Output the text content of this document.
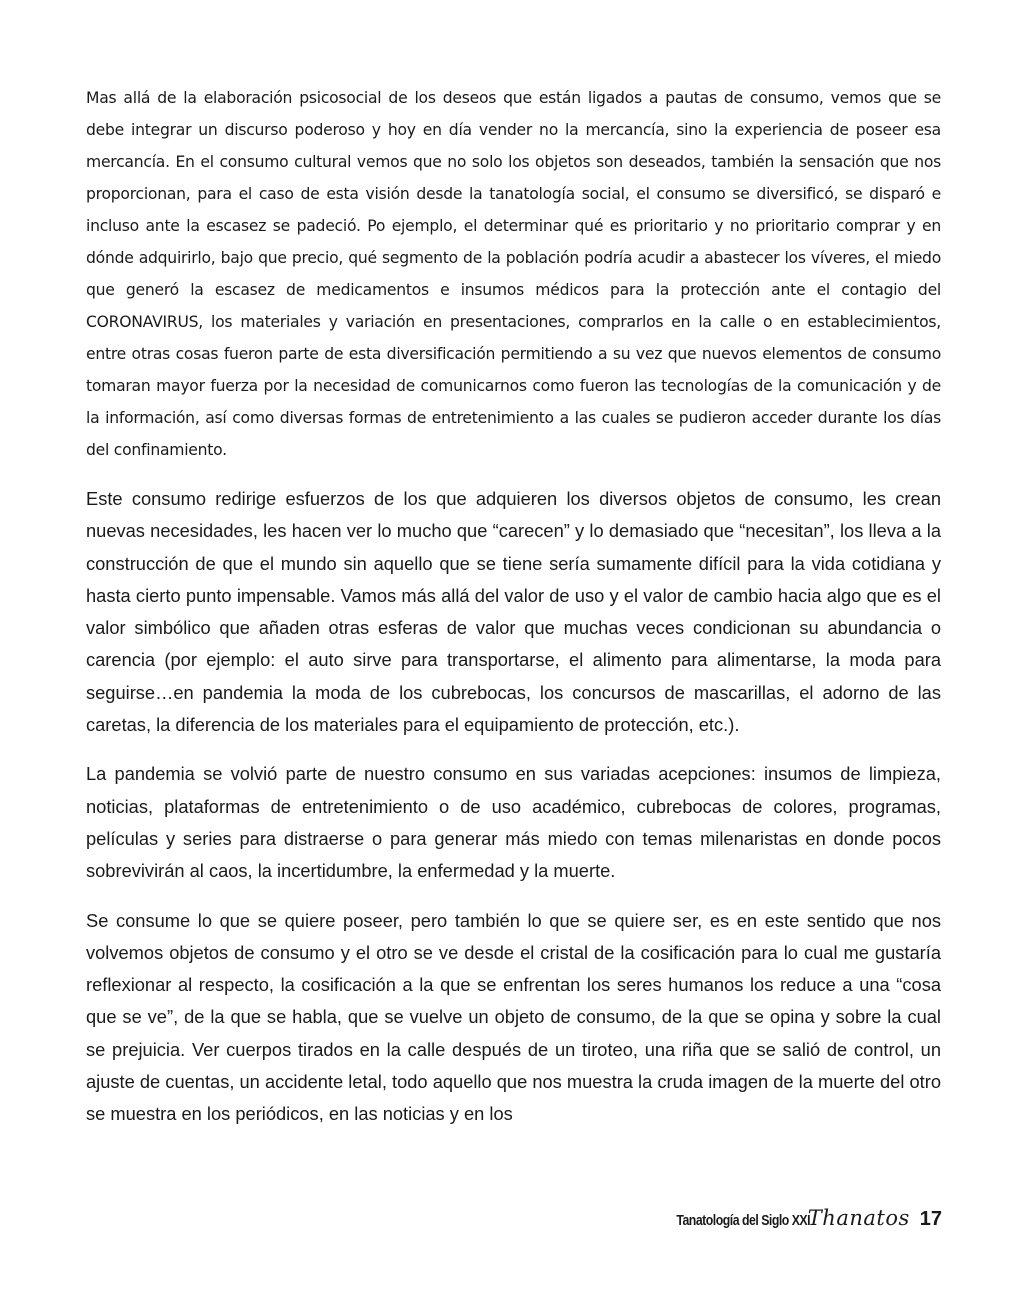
Mas allá de la elaboración psicosocial de los deseos que están ligados a pautas de consumo, vemos que se debe integrar un discurso poderoso y hoy en día vender no la mercancía, sino la experiencia de poseer esa mercancía. En el consumo cultural vemos que no solo los objetos son deseados, también la sensación que nos proporcionan, para el caso de esta visión desde la tanatología social, el consumo se diversificó, se disparó e incluso ante la escasez se padeció. Po ejemplo, el determinar qué es prioritario y no prioritario comprar y en dónde adquirirlo, bajo que precio, qué segmento de la población podría acudir a abastecer los víveres, el miedo que generó la escasez de medicamentos e insumos médicos para la protección ante el contagio del CORONAVIRUS, los materiales y variación en presentaciones, comprarlos en la calle o en establecimientos, entre otras cosas fueron parte de esta diversificación permitiendo a su vez que nuevos elementos de consumo tomaran mayor fuerza por la necesidad de comunicarnos como fueron las tecnologías de la comunicación y de la información, así como diversas formas de entretenimiento a las cuales se pudieron acceder durante los días del confinamiento.

Este consumo redirige esfuerzos de los que adquieren los diversos objetos de consumo, les crean nuevas necesidades, les hacen ver lo mucho que “carecen” y lo demasiado que “necesitan”, los lleva a la construcción de que el mundo sin aquello que se tiene sería sumamente difícil para la vida cotidiana y hasta cierto punto impensable. Vamos más allá del valor de uso y el valor de cambio hacia algo que es el valor simbólico que añaden otras esferas de valor que muchas veces condicionan su abundancia o carencia (por ejemplo: el auto sirve para transportarse, el alimento para alimentarse, la moda para seguirse…en pandemia la moda de los cubrebocas, los concursos de mascarillas, el adorno de las caretas, la diferencia de los materiales para el equipamiento de protección, etc.).

La pandemia se volvió parte de nuestro consumo en sus variadas acepciones: insumos de limpieza, noticias, plataformas de entretenimiento o de uso académico, cubrebocas de colores, programas, películas y series para distraerse o para generar más miedo con temas milenaristas en donde pocos sobrevivirán al caos, la incertidumbre, la enfermedad y la muerte.

Se consume lo que se quiere poseer, pero también lo que se quiere ser, es en este sentido que nos volvemos objetos de consumo y el otro se ve desde el cristal de la cosificación para lo cual me gustaría reflexionar al respecto, la cosificación a la que se enfrentan los seres humanos los reduce a una “cosa que se ve”, de la que se habla, que se vuelve un objeto de consumo, de la que se opina y sobre la cual se prejuicia. Ver cuerpos tirados en la calle después de un tiroteo, una riña que se salió de control, un ajuste de cuentas, un accidente letal, todo aquello que nos muestra la cruda imagen de la muerte del otro se muestra en los periódicos, en las noticias y en los

Tanatología del Siglo XXI
Thanatos 17
